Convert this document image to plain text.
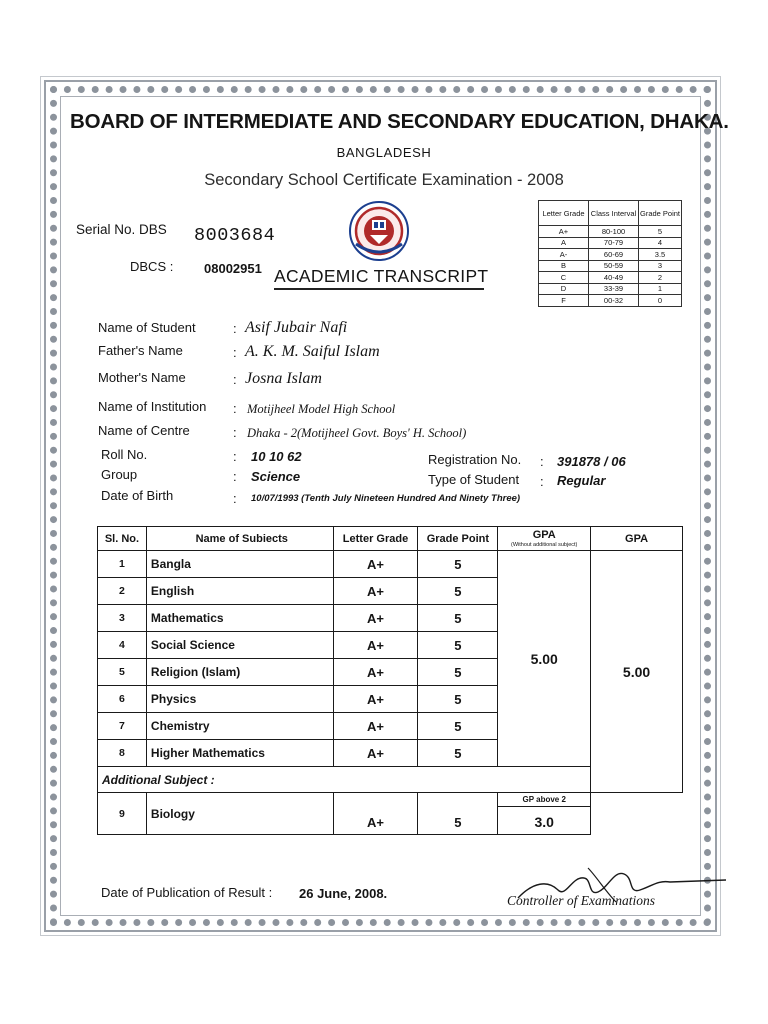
BOARD OF INTERMEDIATE AND SECONDARY EDUCATION, DHAKA.
BANGLADESH
Secondary School Certificate Examination - 2008
Serial No. DBS 8003684
DBCS : 08002951 ACADEMIC TRANSCRIPT
Letter Grade	Class Interval	Grade Point
A+	80-100	5
A	70-79	4
A-	60-69	3.5
B	50-59	3
C	40-49	2
D	33-39	1
F	00-32	0
Name of Student	: Asif Jubair Nafi
Father's Name	: A. K. M. Saiful Islam
Mother's Name	: Josna Islam
Name of Institution : Motijheel Model High School
Name of Centre	: Dhaka - 2(Motijheel Govt. Boys' H. School)
Roll No.	: 10 10 62
Group	: Science
Registration No. : 391878 / 06
Type of Student : Regular
Date of Birth	: 10/07/1993 (Tenth July Nineteen Hundred And Ninety Three)
Sl. No.	Name of Subiects	Letter Grade	Grade Point	GPA
(Without additional subject)	GPA
1	Bangla	A+	5	5.00	5.00
2	English	A+	5		
3	Mathematics	A+	5		
4	Social Science	A+	5		
5	Religion (Islam)	A+	5		
6	Physics	A+	5		
7	Chemistry	A+	5		
8	Higher Mathematics	A+	5		
Additional Subject :					
9	Biology	A+	5	GP above 2
3.0	
Date of Publication of Result : 26 June, 2008.	Controller of Examinations
